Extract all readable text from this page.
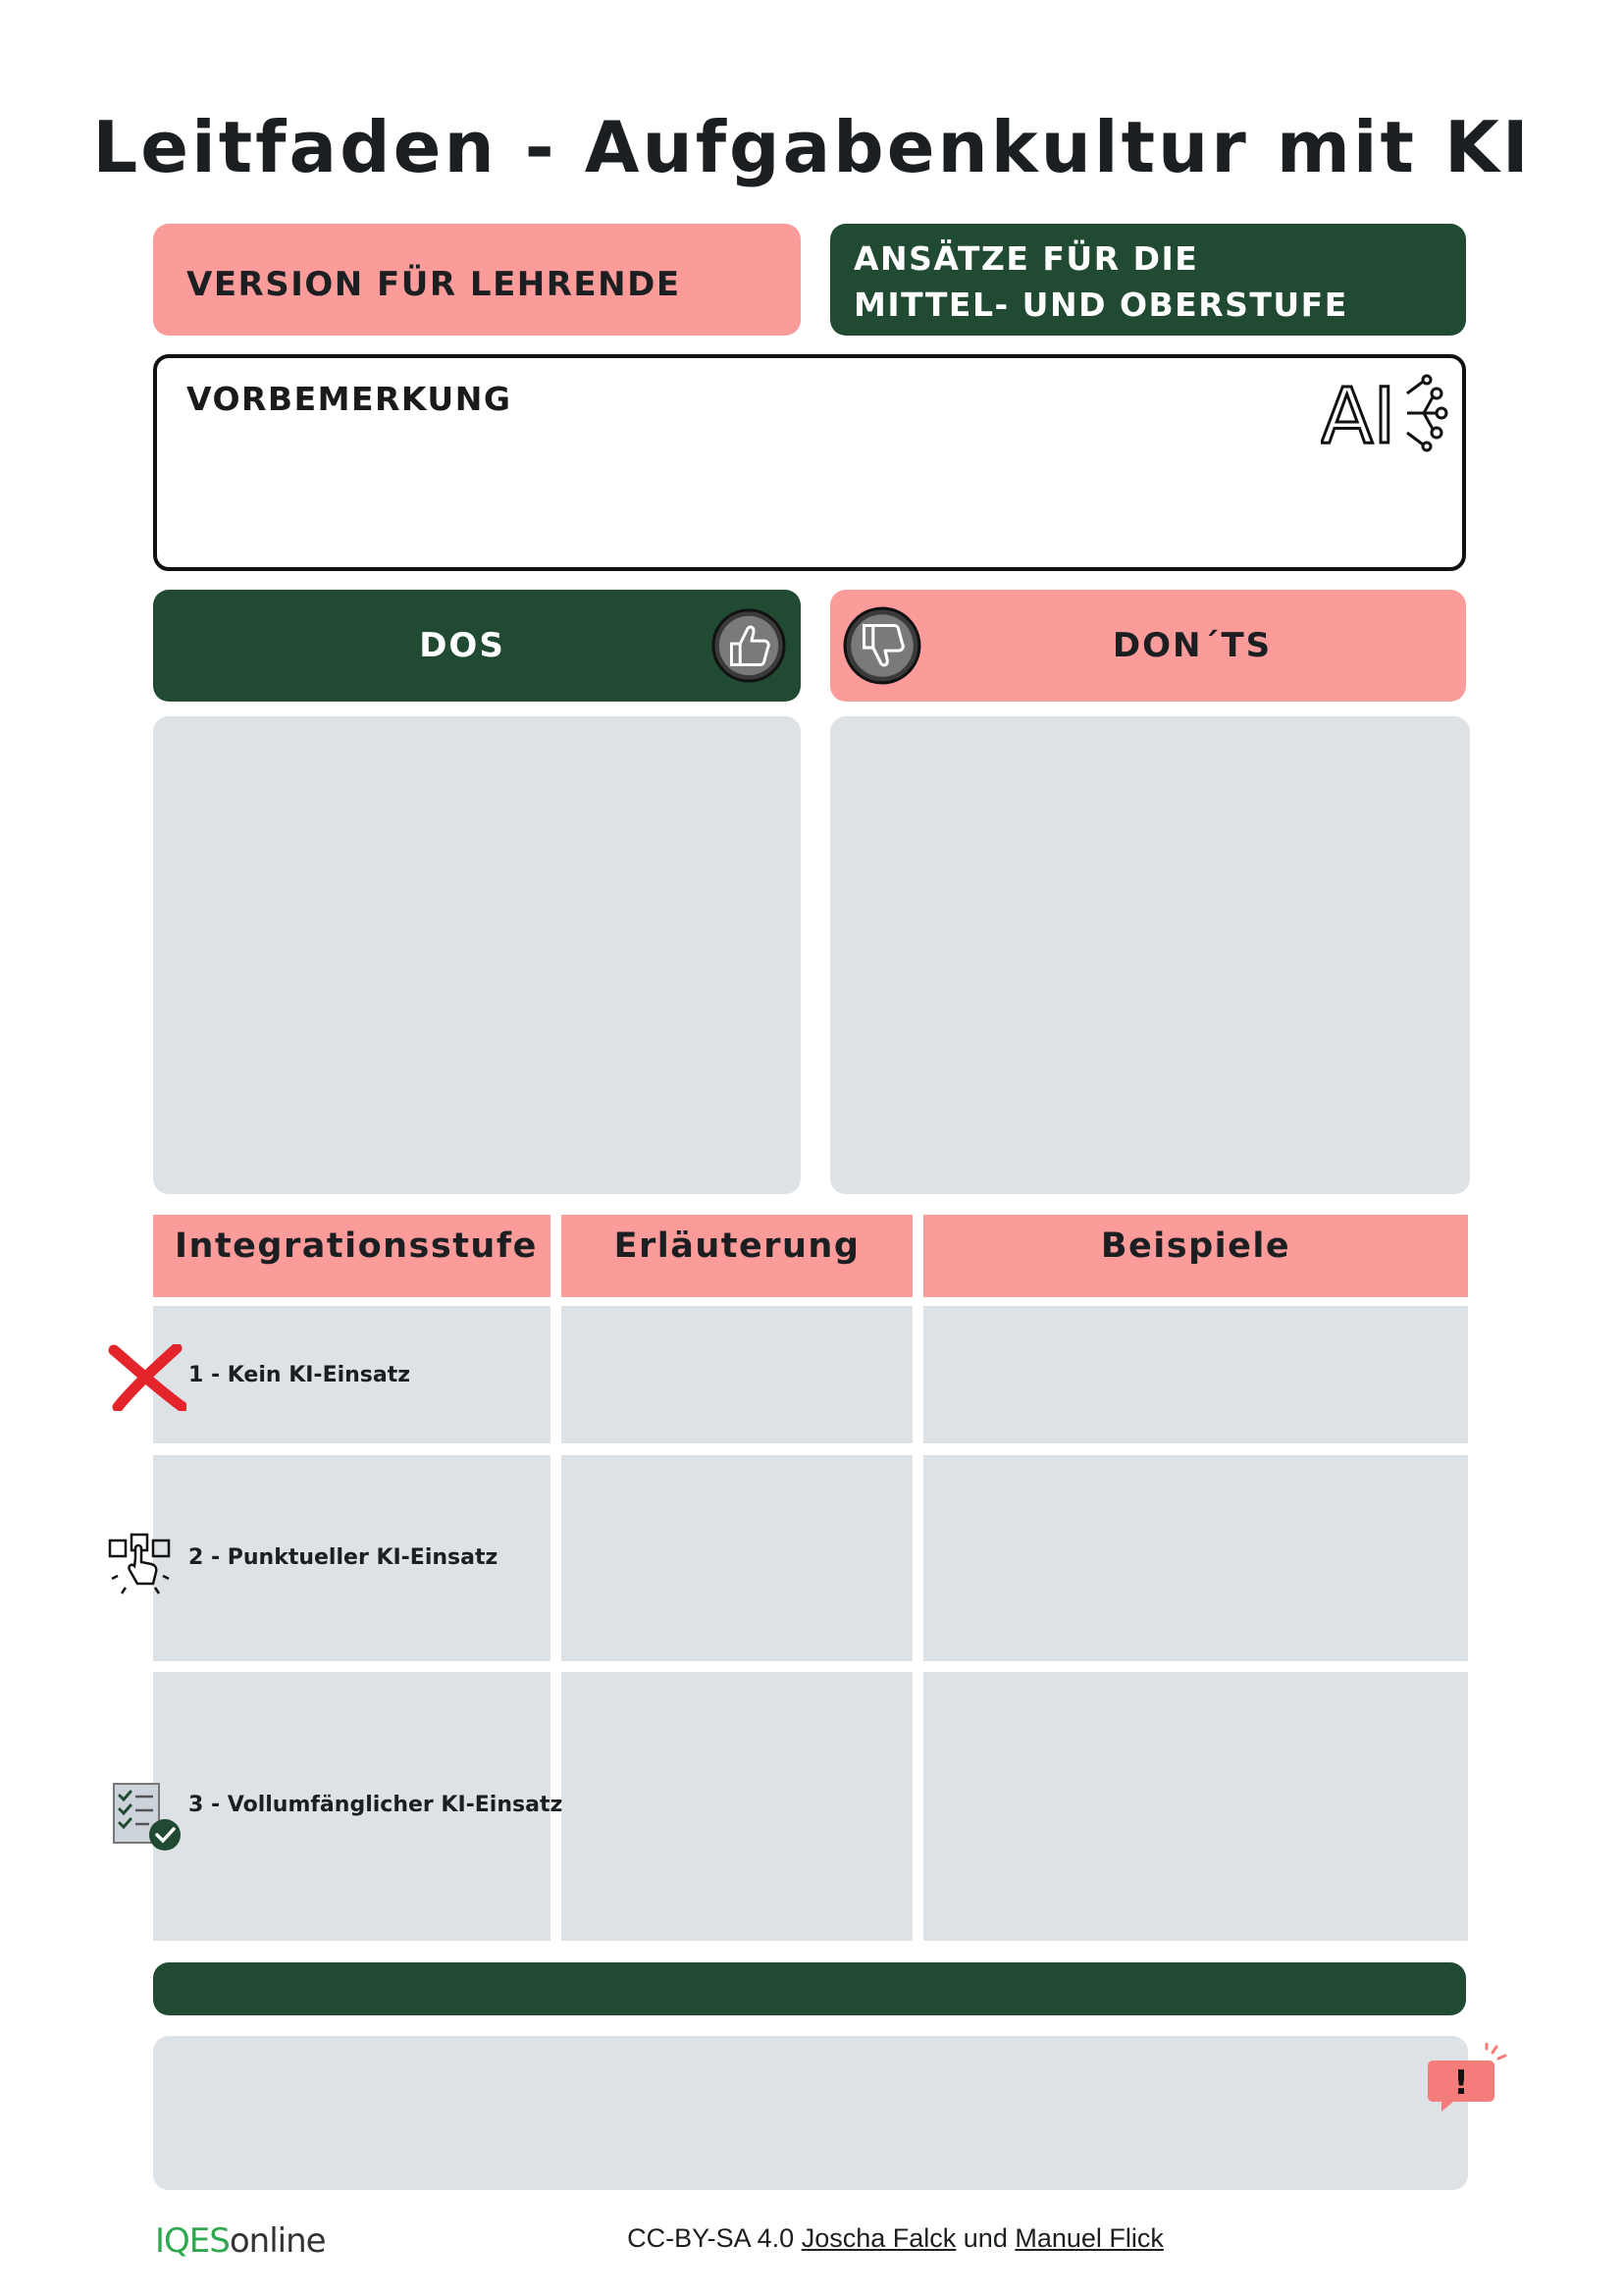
Leitfaden - Aufgabenkultur mit KI
VERSION FÜR LEHRENDE
ANSÄTZE FÜR DIE
MITTEL- UND OBERSTUFE
VORBEMERKUNG	AI
DOS	DON´TS
Integrationsstufe	Erläuterung	Beispiele
1 - Kein KI-Einsatz
2 - Punktueller KI-Einsatz
3 - Vollumfänglicher KI-Einsatz
!
IQESonline	CC-BY-SA 4.0 Joscha Falck und Manuel Flick
